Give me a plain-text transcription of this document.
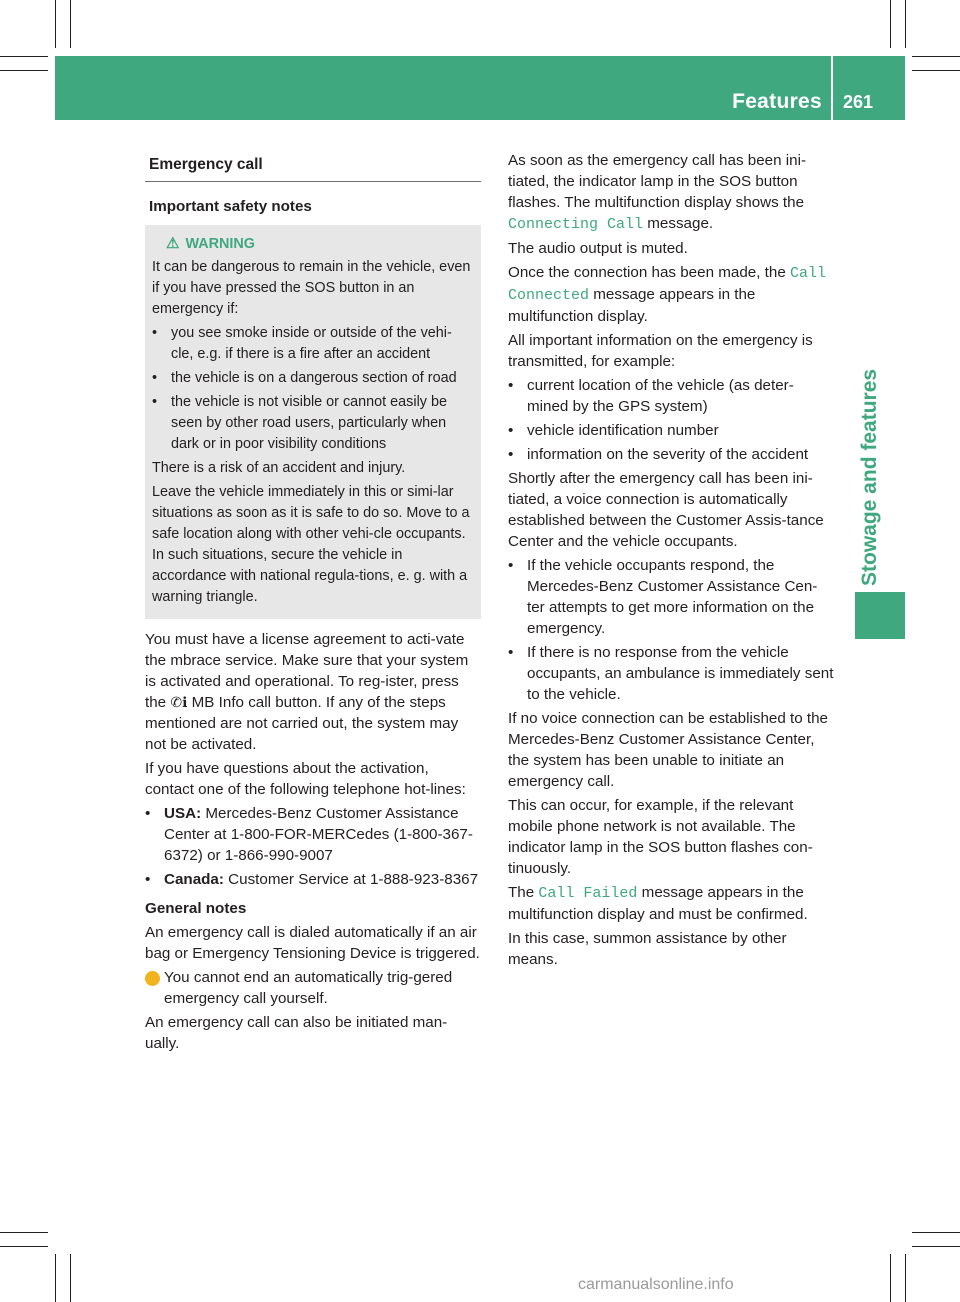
Features 261
Stowage and features
Emergency call
Important safety notes
⚠ WARNING

It can be dangerous to remain in the vehicle, even if you have pressed the SOS button in an emergency if:

• you see smoke inside or outside of the vehi-cle, e.g. if there is a fire after an accident

• the vehicle is on a dangerous section of road

• the vehicle is not visible or cannot easily be seen by other road users, particularly when dark or in poor visibility conditions

There is a risk of an accident and injury.

Leave the vehicle immediately in this or simi-lar situations as soon as it is safe to do so. Move to a safe location along with other vehi-cle occupants. In such situations, secure the vehicle in accordance with national regula-tions, e. g. with a warning triangle.

You must have a license agreement to acti-vate the mbrace service. Make sure that your system is activated and operational. To reg-ister, press the ✆ℹ MB Info call button. If any of the steps mentioned are not carried out, the system may not be activated.

If you have questions about the activation, contact one of the following telephone hot-lines:

• USA: Mercedes-Benz Customer Assistance Center at 1-800-FOR-MERCedes (1-800-367-6372) or 1-866-990-9007

• Canada: Customer Service at 1-888-923-8367

General notes

An emergency call is dialed automatically if an air bag or Emergency Tensioning Device is triggered.

i You cannot end an automatically trig-gered emergency call yourself.

An emergency call can also be initiated man-ually.

As soon as the emergency call has been ini-tiated, the indicator lamp in the SOS button flashes. The multifunction display shows the Connecting Call message.

The audio output is muted.

Once the connection has been made, the Call Connected message appears in the multifunction display.

All important information on the emergency is transmitted, for example:

• current location of the vehicle (as deter-mined by the GPS system)

• vehicle identification number

• information on the severity of the accident

Shortly after the emergency call has been ini-tiated, a voice connection is automatically established between the Customer Assis-tance Center and the vehicle occupants.

• If the vehicle occupants respond, the Mercedes-Benz Customer Assistance Cen-ter attempts to get more information on the emergency.

• If there is no response from the vehicle occupants, an ambulance is immediately sent to the vehicle.

If no voice connection can be established to the Mercedes-Benz Customer Assistance Center, the system has been unable to initiate an emergency call.

This can occur, for example, if the relevant mobile phone network is not available. The indicator lamp in the SOS button flashes con-tinuously.

The Call Failed message appears in the multifunction display and must be confirmed.

In this case, summon assistance by other means.

carmanualsonline.info
